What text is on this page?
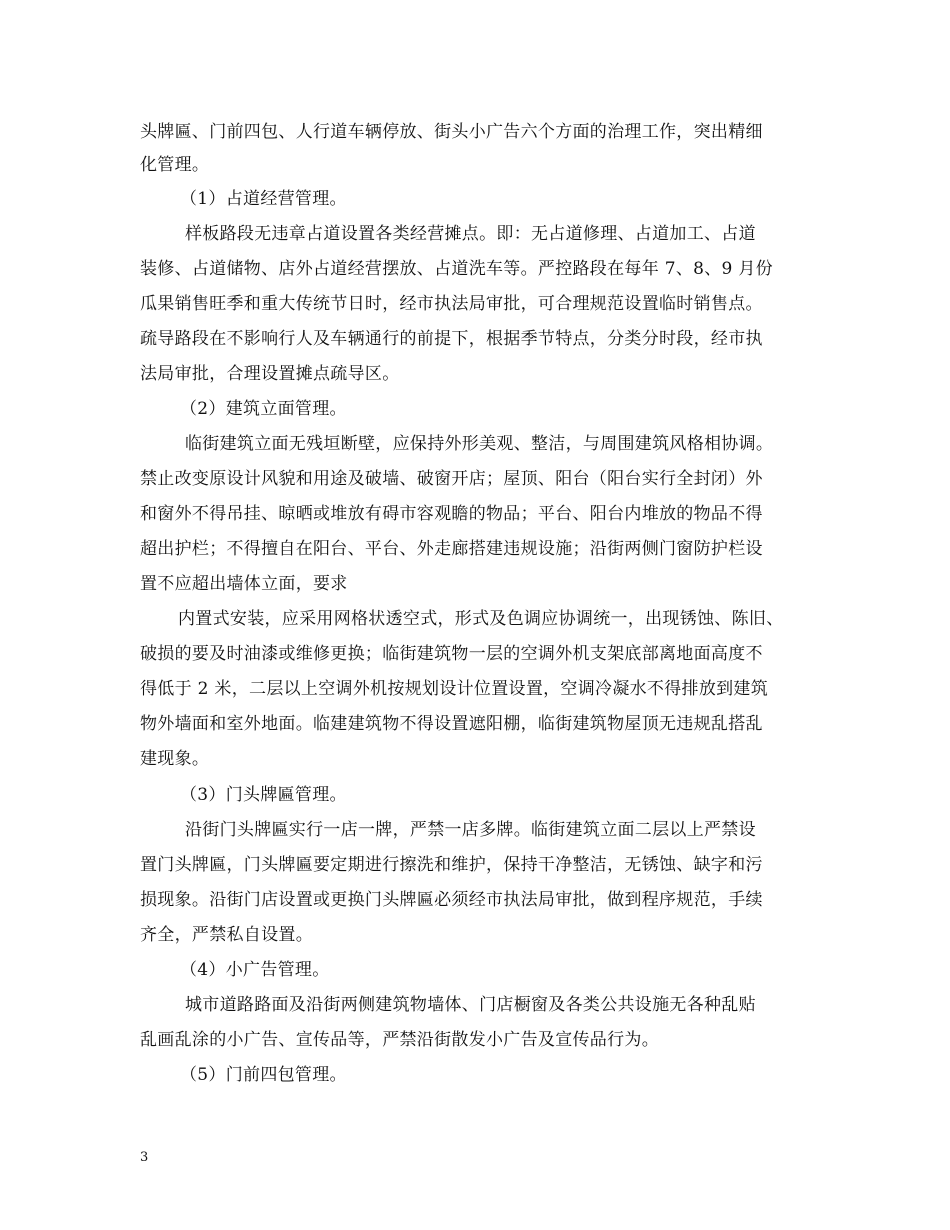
头牌匾、门前四包、人行道车辆停放、街头小广告六个方面的治理工作，突出精细
化管理。
（1）占道经营管理。
样板路段无违章占道设置各类经营摊点。即：无占道修理、占道加工、占道
装修、占道储物、店外占道经营摆放、占道洗车等。严控路段在每年 7、8、9 月份
瓜果销售旺季和重大传统节日时，经市执法局审批，可合理规范设置临时销售点。
疏导路段在不影响行人及车辆通行的前提下，根据季节特点，分类分时段，经市执
法局审批，合理设置摊点疏导区。
（2）建筑立面管理。
临街建筑立面无残垣断壁，应保持外形美观、整洁，与周围建筑风格相协调。
禁止改变原设计风貌和用途及破墙、破窗开店；屋顶、阳台（阳台实行全封闭）外
和窗外不得吊挂、晾晒或堆放有碍市容观瞻的物品；平台、阳台内堆放的物品不得
超出护栏；不得擅自在阳台、平台、外走廊搭建违规设施；沿街两侧门窗防护栏设
置不应超出墙体立面，要求
内置式安装，应采用网格状透空式，形式及色调应协调统一，出现锈蚀、陈旧、
破损的要及时油漆或维修更换；临街建筑物一层的空调外机支架底部离地面高度不
得低于 2 米，二层以上空调外机按规划设计位置设置，空调冷凝水不得排放到建筑
物外墙面和室外地面。临建建筑物不得设置遮阳棚，临街建筑物屋顶无违规乱搭乱
建现象。
（3）门头牌匾管理。
沿街门头牌匾实行一店一牌，严禁一店多牌。临街建筑立面二层以上严禁设
置门头牌匾，门头牌匾要定期进行擦洗和维护，保持干净整洁，无锈蚀、缺字和污
损现象。沿街门店设置或更换门头牌匾必须经市执法局审批，做到程序规范，手续
齐全，严禁私自设置。
（4）小广告管理。
城市道路路面及沿街两侧建筑物墙体、门店橱窗及各类公共设施无各种乱贴
乱画乱涂的小广告、宣传品等，严禁沿街散发小广告及宣传品行为。
（5）门前四包管理。
3
